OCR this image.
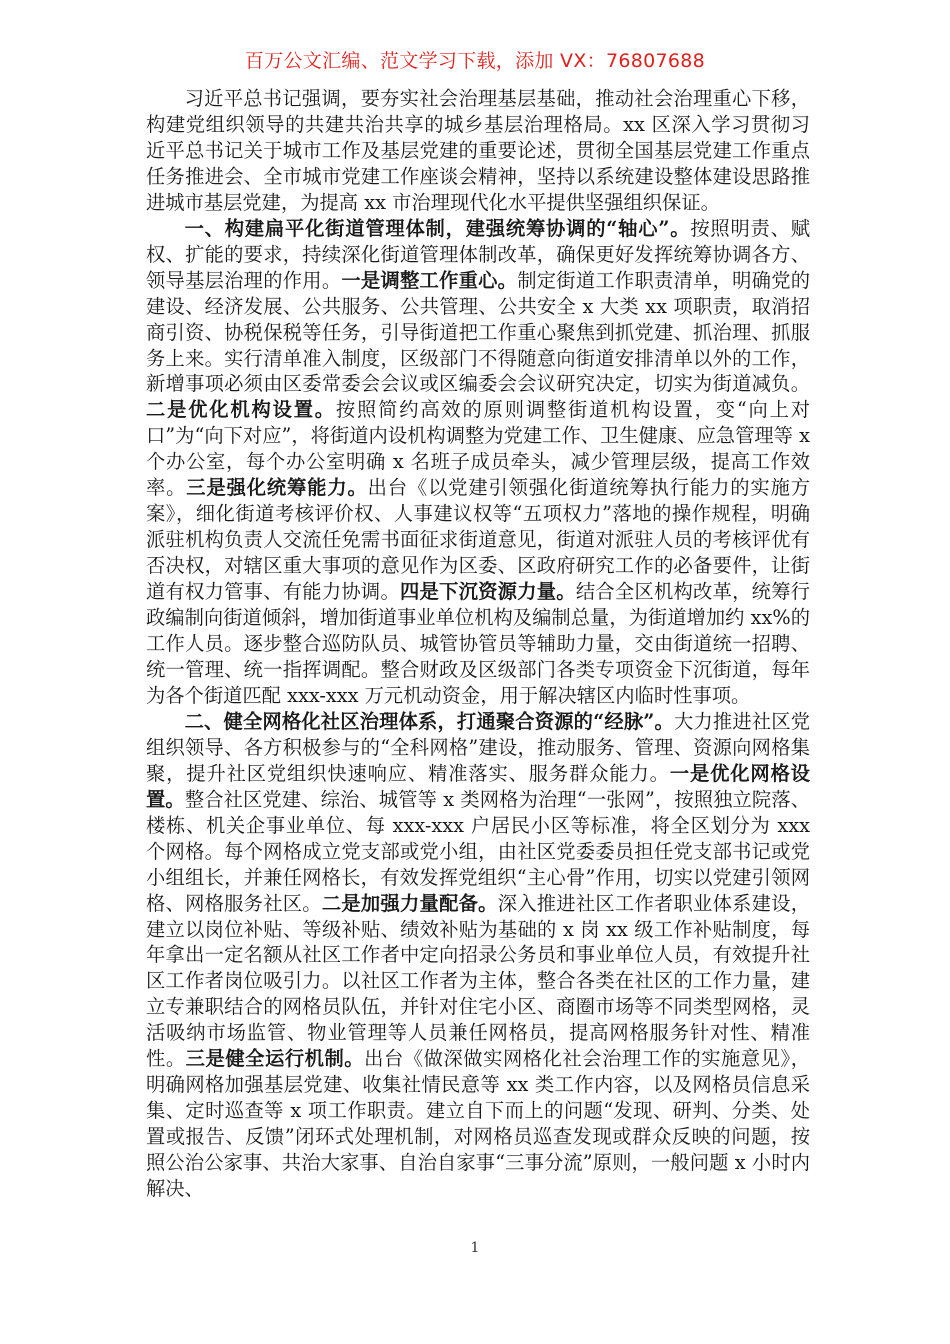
百万公文汇编、范文学习下载，添加 VX：76807688

习近平总书记强调，要夯实社会治理基层基础，推动社会治理重心下移，构建党组织领导的共建共治共享的城乡基层治理格局。xx 区深入学习贯彻习近平总书记关于城市工作及基层党建的重要论述，贯彻全国基层党建工作重点任务推进会、全市城市党建工作座谈会精神，坚持以系统建设整体建设思路推进城市基层党建，为提高 xx 市治理现代化水平提供坚强组织保证。

一、构建扁平化街道管理体制，建强统筹协调的“轴心”。按照明责、赋权、扩能的要求，持续深化街道管理体制改革，确保更好发挥统筹协调各方、领导基层治理的作用。一是调整工作重心。制定街道工作职责清单，明确党的建设、经济发展、公共服务、公共管理、公共安全 x 大类 xx 项职责，取消招商引资、协税保税等任务，引导街道把工作重心聚焦到抓党建、抓治理、抓服务上来。实行清单准入制度，区级部门不得随意向街道安排清单以外的工作，新增事项必须由区委常委会会议或区编委会会议研究决定，切实为街道减负。二是优化机构设置。按照简约高效的原则调整街道机构设置，变“向上对口”为“向下对应”，将街道内设机构调整为党建工作、卫生健康、应急管理等 x 个办公室，每个办公室明确 x 名班子成员牵头，减少管理层级，提高工作效率。三是强化统筹能力。出台《以党建引领强化街道统筹执行能力的实施方案》，细化街道考核评价权、人事建议权等“五项权力”落地的操作规程，明确派驻机构负责人交流任免需书面征求街道意见，街道对派驻人员的考核评优有否决权，对辖区重大事项的意见作为区委、区政府研究工作的必备要件，让街道有权力管事、有能力协调。四是下沉资源力量。结合全区机构改革，统筹行政编制向街道倾斜，增加街道事业单位机构及编制总量，为街道增加约 xx%的工作人员。逐步整合巡防队员、城管协管员等辅助力量，交由街道统一招聘、统一管理、统一指挥调配。整合财政及区级部门各类专项资金下沉街道，每年为各个街道匹配 xxx-xxx 万元机动资金，用于解决辖区内临时性事项。

二、健全网格化社区治理体系，打通聚合资源的“经脉”。大力推进社区党组织领导、各方积极参与的“全科网格”建设，推动服务、管理、资源向网格集聚，提升社区党组织快速响应、精准落实、服务群众能力。一是优化网格设置。整合社区党建、综治、城管等 x 类网格为治理“一张网”，按照独立院落、楼栋、机关企事业单位、每 xxx-xxx 户居民小区等标准，将全区划分为 xxx 个网格。每个网格成立党支部或党小组，由社区党委委员担任党支部书记或党小组组长，并兼任网格长，有效发挥党组织“主心骨”作用，切实以党建引领网格、网格服务社区。二是加强力量配备。深入推进社区工作者职业体系建设，建立以岗位补贴、等级补贴、绩效补贴为基础的 x 岗 xx 级工作补贴制度，每年拿出一定名额从社区工作者中定向招录公务员和事业单位人员，有效提升社区工作者岗位吸引力。以社区工作者为主体，整合各类在社区的工作力量，建立专兼职结合的网格员队伍，并针对住宅小区、商圈市场等不同类型网格，灵活吸纳市场监管、物业管理等人员兼任网格员，提高网格服务针对性、精准性。三是健全运行机制。出台《做深做实网格化社会治理工作的实施意见》，明确网格加强基层党建、收集社情民意等 xx 类工作内容，以及网格员信息采集、定时巡查等 x 项工作职责。建立自下而上的问题“发现、研判、分类、处置或报告、反馈”闭环式处理机制，对网格员巡查发现或群众反映的问题，按照公治公家事、共治大家事、自治自家事“三事分流”原则，一般问题 x 小时内解决、

1
